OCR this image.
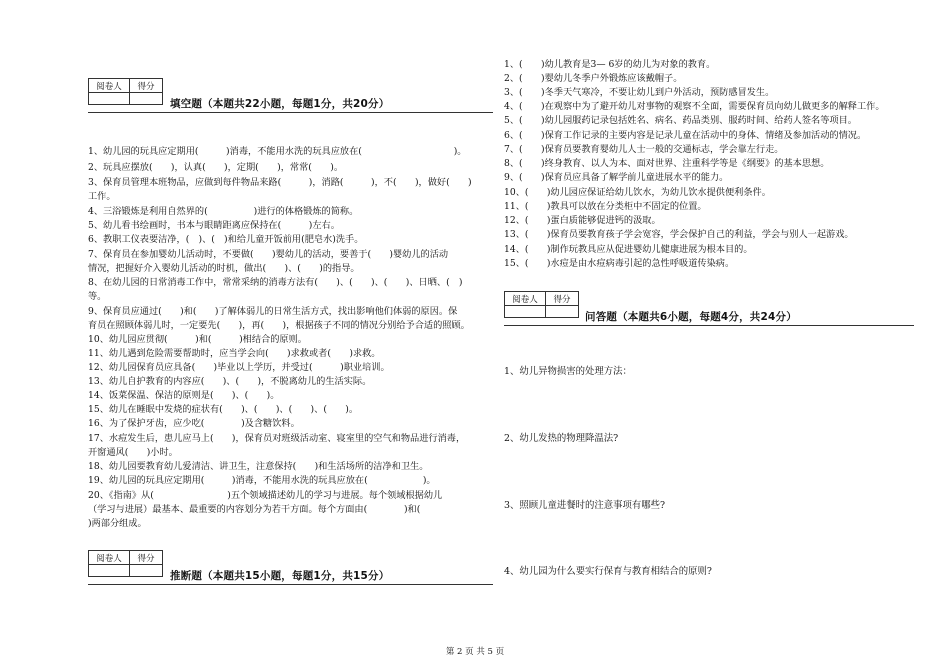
阅卷人	得分

填空题（本题共22小题，每题1分，共20分）
1、幼儿园的玩具应定期用(　　　)消毒，不能用水洗的玩具应放在(　　　　　　　　　　)。
2、玩具应摆放(　　)，认真(　　)，定期(　　)，常常(　　)。
3、保育员管理本班物品，应做到每件物品来路(　　　)，消路(　　　)，不(　　)，做好(　　)
工作。
4、三浴锻炼是利用自然界的(　　　　　)进行的体格锻炼的简称。
5、幼儿看书绘画时，书本与眼睛距离应保持在(　　　)左右。
6、教职工仪表要洁净，(　)、(　)和给儿童开饭前用(肥皂水)洗手。
7、保育员在参加婴幼儿活动时，不要做(　　)婴幼儿的活动，要善于(　　)婴幼儿的活动
情况，把握好介入婴幼儿活动的时机，做出(　　)、(　　)的指导。
8、在幼儿园的日常消毒工作中，常常采纳的消毒方法有(　　)、(　　)、(　　)、日晒、(　)
等。
9、保育员应通过(　　)和(　　)了解体弱儿的日常生活方式，找出影响他们体弱的原因。保
育员在照顾体弱儿时，一定要先(　　)，再(　　)，根据孩子不同的情况分别给予合适的照顾。
10、幼儿园应贯彻(　　　)和(　　　)相结合的原则。
11、幼儿遇到危险需要帮助时，应当学会向(　　)求救或者(　　)求救。
12、幼儿园保育员应具备(　　)毕业以上学历，并受过(　　　)职业培训。
13、幼儿自护教育的内容应(　　)、(　　)，不脱离幼儿的生活实际。
14、饭菜保温、保洁的原则是(　　)、(　　)。
15、幼儿在睡眠中发烧的症状有(　　)、(　　)、(　　)、(　　)。
16、为了保护牙齿，应少吃(　　　　)及含糖饮料。
17、水痘发生后，患儿应马上(　　)，保育员对班级活动室、寝室里的空气和物品进行消毒，
开窗通风(　　)小时。
18、幼儿园要教育幼儿爱清洁、讲卫生，注意保持(　　)和生活场所的洁净和卫生。
19、幼儿园的玩具应定期用(　　　)消毒，不能用水洗的玩具应放在(　　　　　　)。
20、《指南》从(　　　　　　　　)五个领域描述幼儿的学习与进展。每个领域根据幼儿
（学习与进展）最基本、最重要的内容划分为若干方面。每个方面由(　　　　)和(
)两部分组成。
阅卷人	得分

推断题（本题共15小题，每题1分，共15分）
1、(　　)幼儿教育是3— 6岁的幼儿为对象的教育。
2、(　　)婴幼儿冬季户外锻炼应该戴帽子。
3、(　　)冬季天气寒冷，不要让幼儿到户外活动，预防感冒发生。
4、(　　)在观察中为了避开幼儿对事物的观察不全面，需要保育员向幼儿做更多的解释工作。
5、(　　)幼儿园服药记录包括姓名、病名、药品类别、服药时间、给药人签名等项目。
6、(　　)保育工作记录的主要内容是记录儿童在活动中的身体、情绪及参加活动的情况。
7、(　　)保育员要教育婴幼儿人士一般的交通标志，学会靠左行走。
8、(　　)终身教育、以人为本、面对世界、注重科学等是《纲要》的基本思想。
9、(　　)保育员应具备了解学前儿童进展水平的能力。
10、(　　)幼儿园应保证给幼儿饮水，为幼儿饮水提供便利条件。
11、(　　)教具可以放在分类柜中不固定的位置。
12、(　　)蛋白质能够促进钙的汲取。
13、(　　)保育员要教育孩子学会宽容，学会保护自己的利益，学会与别人一起游戏。
14、(　　)制作玩教具应从促进婴幼儿健康进展为根本目的。
15、(　　)水痘是由水痘病毒引起的急性呼吸道传染病。
阅卷人	得分

问答题（本题共6小题，每题4分，共24分）
1、幼儿异物损害的处理方法：
2、幼儿发热的物理降温法?
3、照顾儿童进餐时的注意事项有哪些?
4、幼儿园为什么要实行保育与教育相结合的原则?
第 2 页 共 5 页
